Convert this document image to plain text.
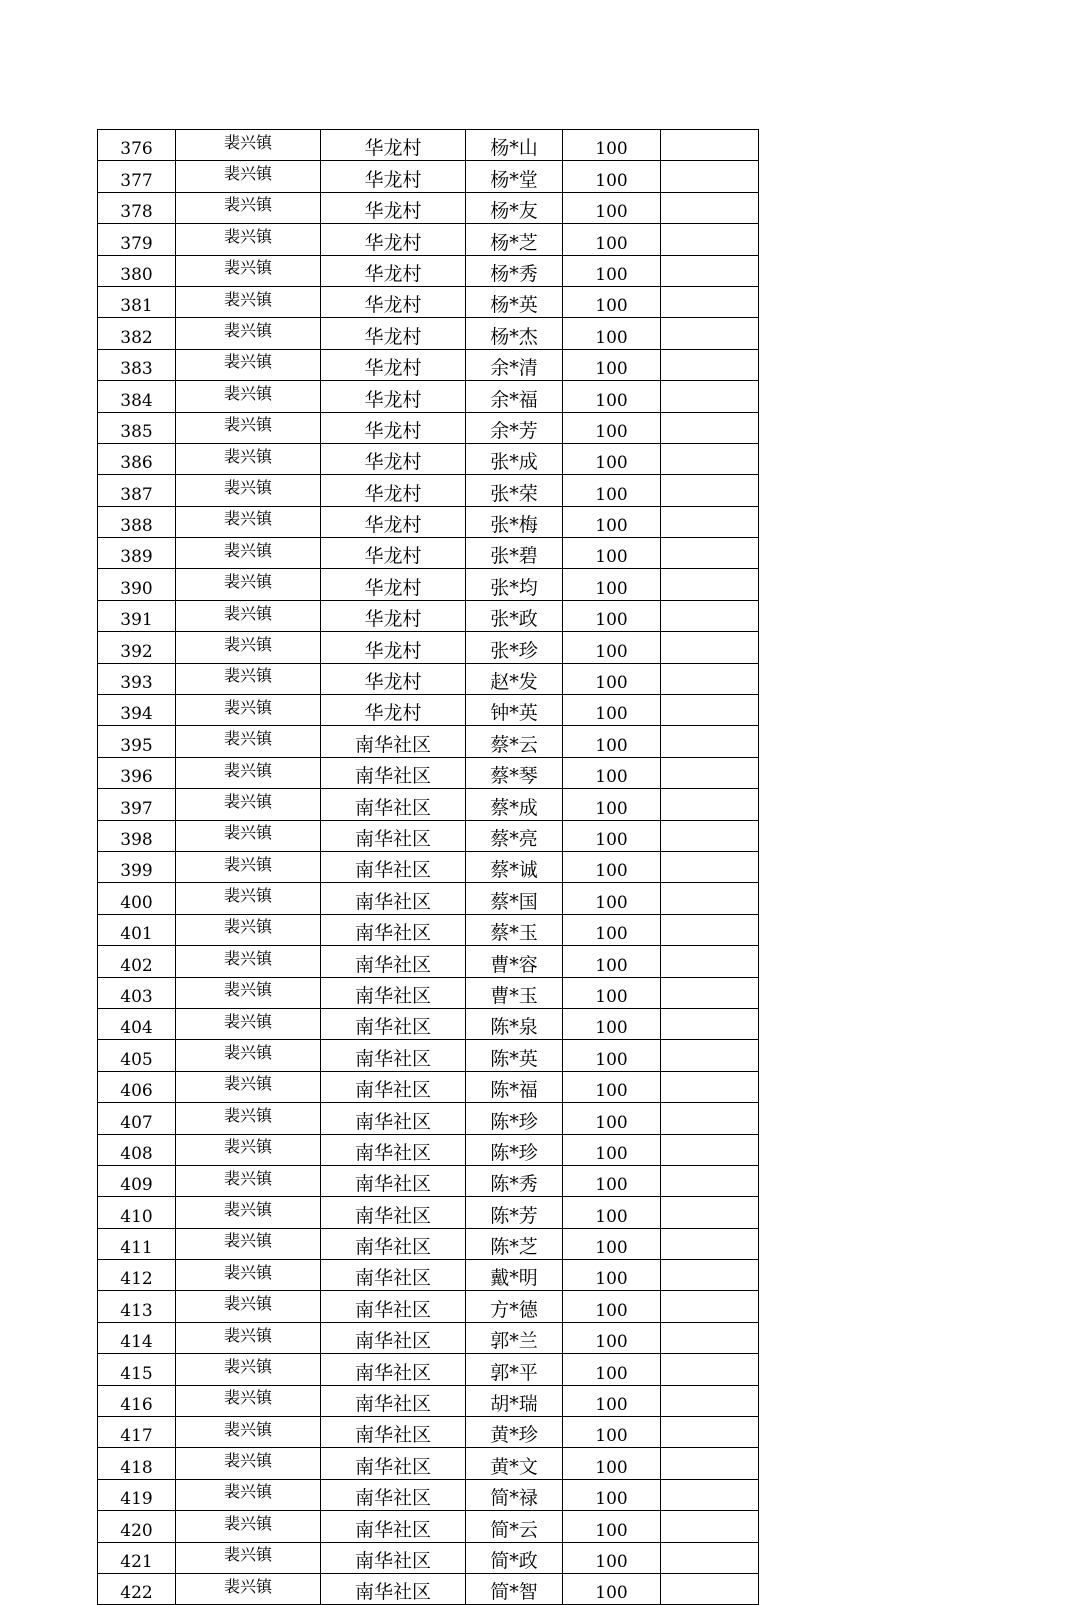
376	裴兴镇	华龙村	杨*山	100	
377	裴兴镇	华龙村	杨*堂	100	
378	裴兴镇	华龙村	杨*友	100	
379	裴兴镇	华龙村	杨*芝	100	
380	裴兴镇	华龙村	杨*秀	100	
381	裴兴镇	华龙村	杨*英	100	
382	裴兴镇	华龙村	杨*杰	100	
383	裴兴镇	华龙村	余*清	100	
384	裴兴镇	华龙村	余*福	100	
385	裴兴镇	华龙村	余*芳	100	
386	裴兴镇	华龙村	张*成	100	
387	裴兴镇	华龙村	张*荣	100	
388	裴兴镇	华龙村	张*梅	100	
389	裴兴镇	华龙村	张*碧	100	
390	裴兴镇	华龙村	张*均	100	
391	裴兴镇	华龙村	张*政	100	
392	裴兴镇	华龙村	张*珍	100	
393	裴兴镇	华龙村	赵*发	100	
394	裴兴镇	华龙村	钟*英	100	
395	裴兴镇	南华社区	蔡*云	100	
396	裴兴镇	南华社区	蔡*琴	100	
397	裴兴镇	南华社区	蔡*成	100	
398	裴兴镇	南华社区	蔡*亮	100	
399	裴兴镇	南华社区	蔡*诚	100	
400	裴兴镇	南华社区	蔡*国	100	
401	裴兴镇	南华社区	蔡*玉	100	
402	裴兴镇	南华社区	曹*容	100	
403	裴兴镇	南华社区	曹*玉	100	
404	裴兴镇	南华社区	陈*泉	100	
405	裴兴镇	南华社区	陈*英	100	
406	裴兴镇	南华社区	陈*福	100	
407	裴兴镇	南华社区	陈*珍	100	
408	裴兴镇	南华社区	陈*珍	100	
409	裴兴镇	南华社区	陈*秀	100	
410	裴兴镇	南华社区	陈*芳	100	
411	裴兴镇	南华社区	陈*芝	100	
412	裴兴镇	南华社区	戴*明	100	
413	裴兴镇	南华社区	方*德	100	
414	裴兴镇	南华社区	郭*兰	100	
415	裴兴镇	南华社区	郭*平	100	
416	裴兴镇	南华社区	胡*瑞	100	
417	裴兴镇	南华社区	黄*珍	100	
418	裴兴镇	南华社区	黄*文	100	
419	裴兴镇	南华社区	简*禄	100	
420	裴兴镇	南华社区	简*云	100	
421	裴兴镇	南华社区	简*政	100	
422	裴兴镇	南华社区	简*智	100	
